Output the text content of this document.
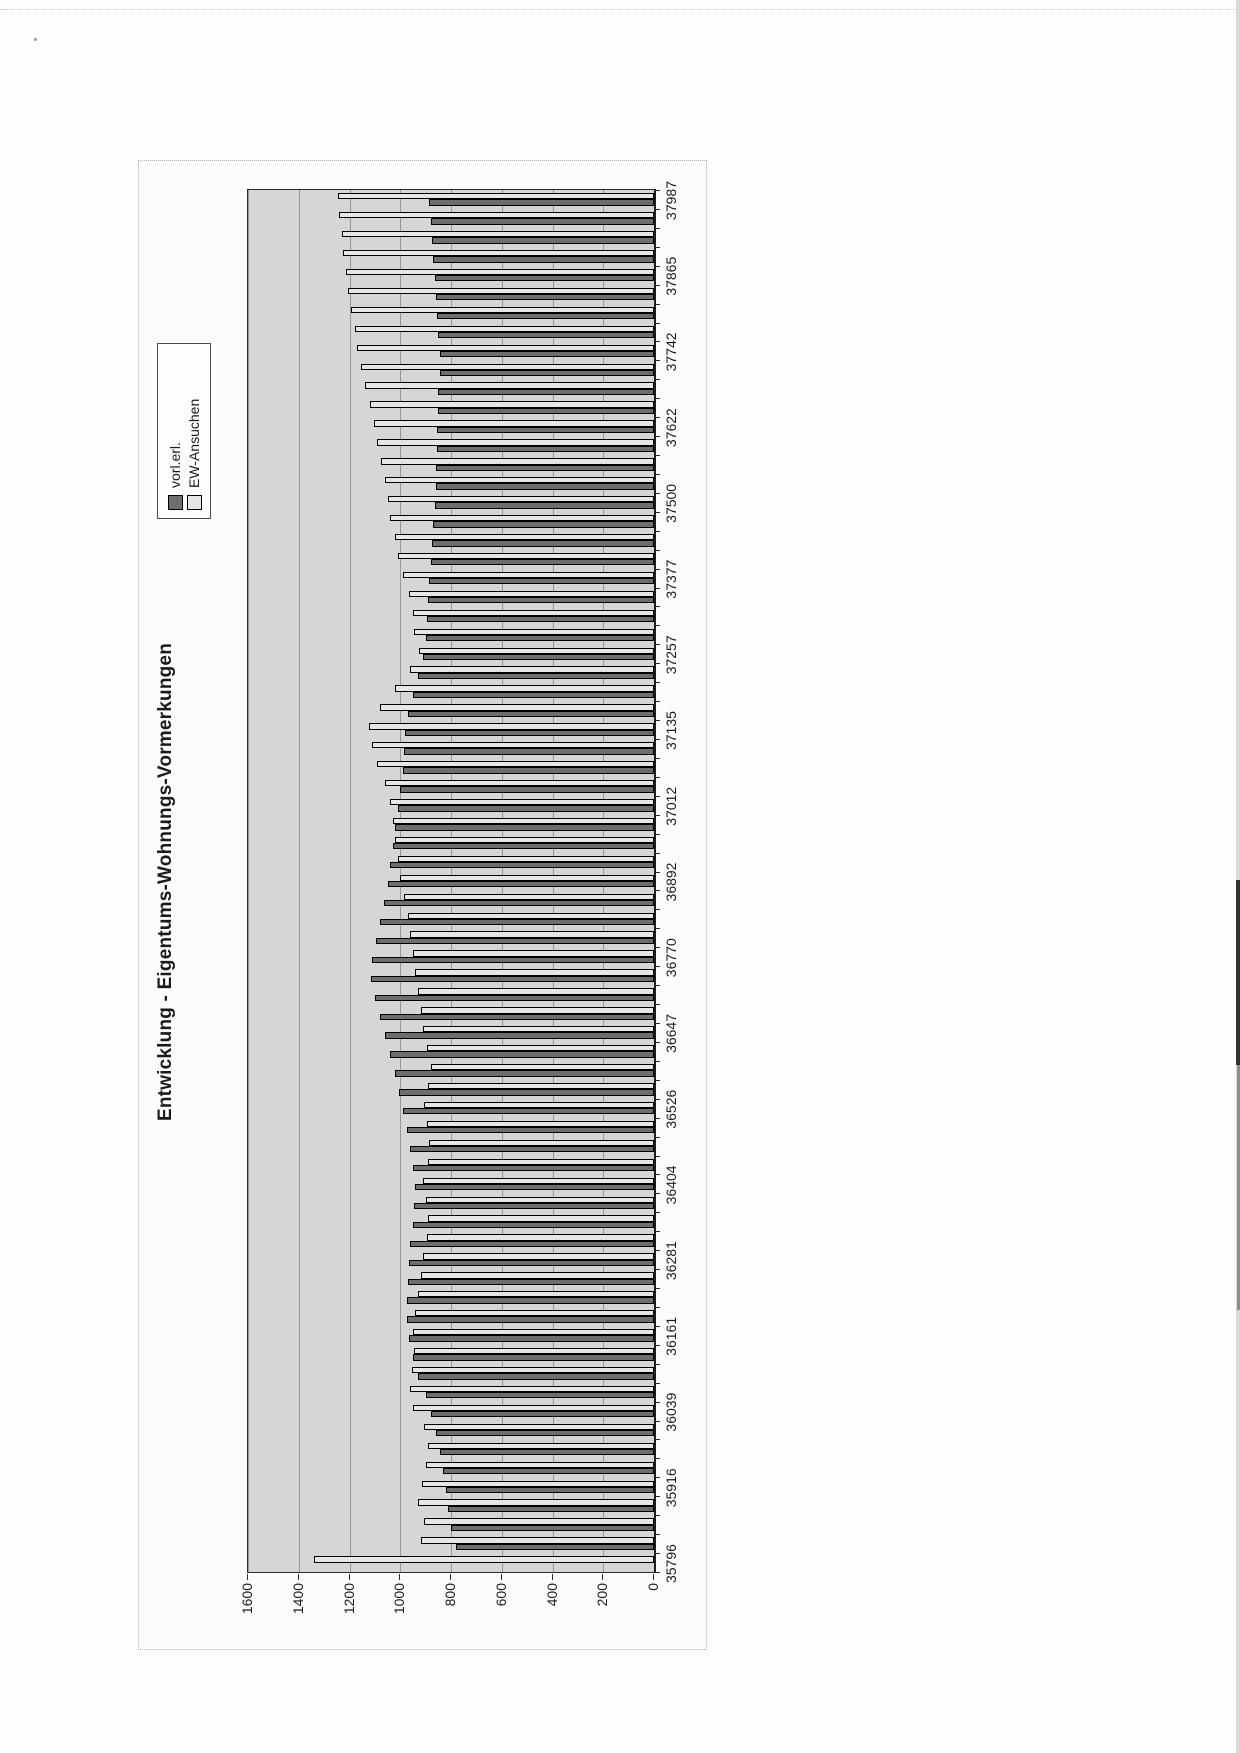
Entwicklung - Eigentums-Wohnungs-Vormerkungen
vorl.erl. EW-Ansuchen
0
200
400
600
800
1000
1200
1400
1600
35796
35916
36039
36161
36281
36404
36526
36647
36770
36892
37012
37135
37257
37377
37500
37622
37742
37865
37987
